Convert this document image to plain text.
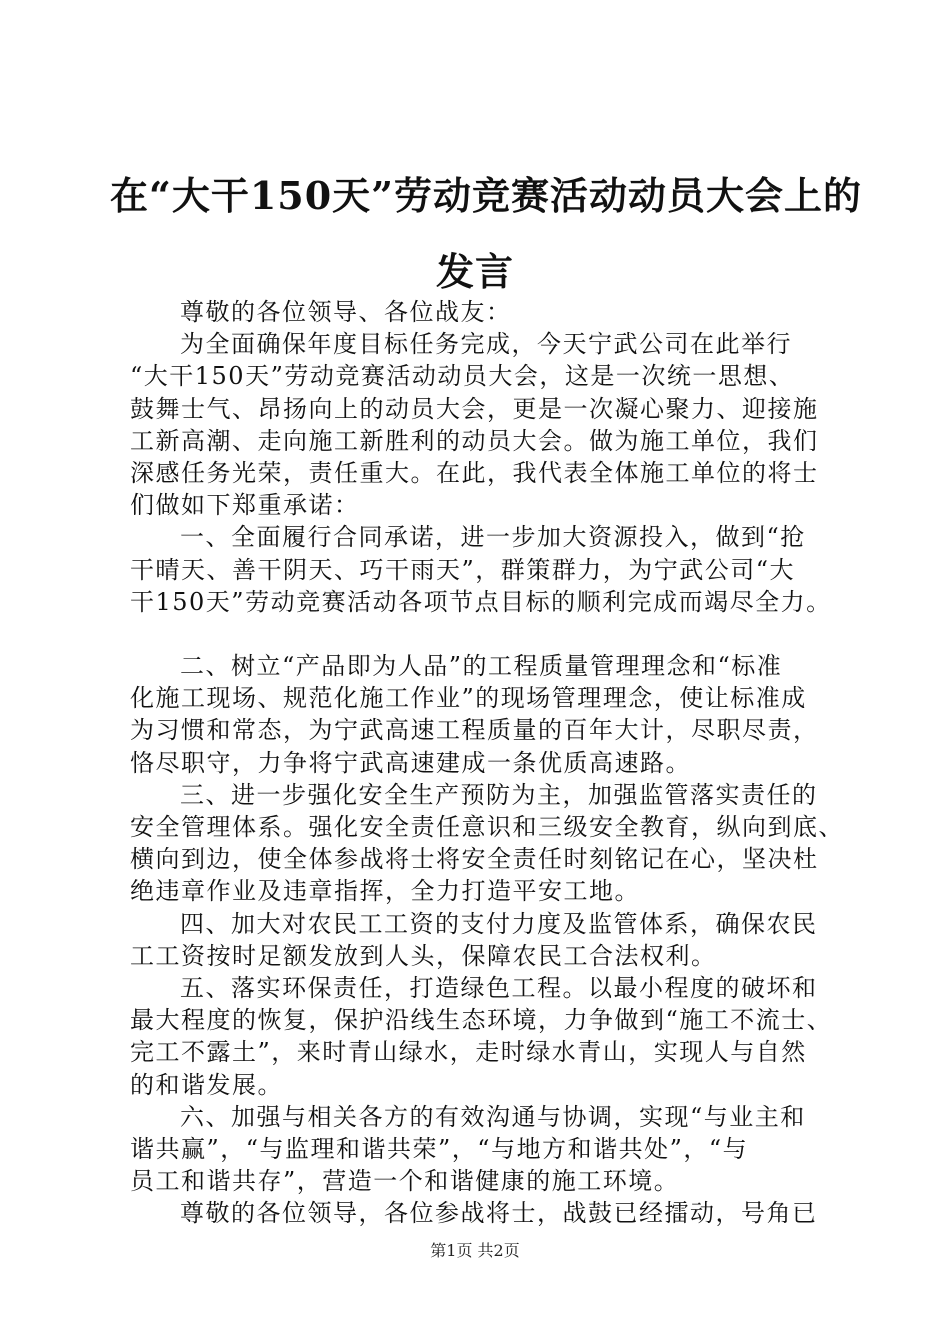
在“大干150天”劳动竞赛活动动员大会上的
发言

尊敬的各位领导、各位战友：

为全面确保年度目标任务完成，今天宁武公司在此举行
“大干150天”劳动竞赛活动动员大会，这是一次统一思想、
鼓舞士气、昂扬向上的动员大会，更是一次凝心聚力、迎接施
工新高潮、走向施工新胜利的动员大会。做为施工单位，我们
深感任务光荣，责任重大。在此，我代表全体施工单位的将士
们做如下郑重承诺：

一、全面履行合同承诺，进一步加大资源投入，做到“抢
干晴天、善干阴天、巧干雨天”，群策群力，为宁武公司“大
干150天”劳动竞赛活动各项节点目标的顺利完成而竭尽全力。

二、树立“产品即为人品”的工程质量管理理念和“标准
化施工现场、规范化施工作业”的现场管理理念，使让标准成
为习惯和常态，为宁武高速工程质量的百年大计，尽职尽责，
恪尽职守，力争将宁武高速建成一条优质高速路。

三、进一步强化安全生产预防为主，加强监管落实责任的
安全管理体系。强化安全责任意识和三级安全教育，纵向到底、
横向到边，使全体参战将士将安全责任时刻铭记在心，坚决杜
绝违章作业及违章指挥，全力打造平安工地。

四、加大对农民工工资的支付力度及监管体系，确保农民
工工资按时足额发放到人头，保障农民工合法权利。

五、落实环保责任，打造绿色工程。以最小程度的破坏和
最大程度的恢复，保护沿线生态环境，力争做到“施工不流士、
完工不露土”，来时青山绿水，走时绿水青山，实现人与自然
的和谐发展。

六、加强与相关各方的有效沟通与协调，实现“与业主和
谐共赢”，“与监理和谐共荣”，“与地方和谐共处”，“与
员工和谐共存”，营造一个和谐健康的施工环境。

尊敬的各位领导，各位参战将士，战鼓已经擂动，号角已

第1页 共2页
